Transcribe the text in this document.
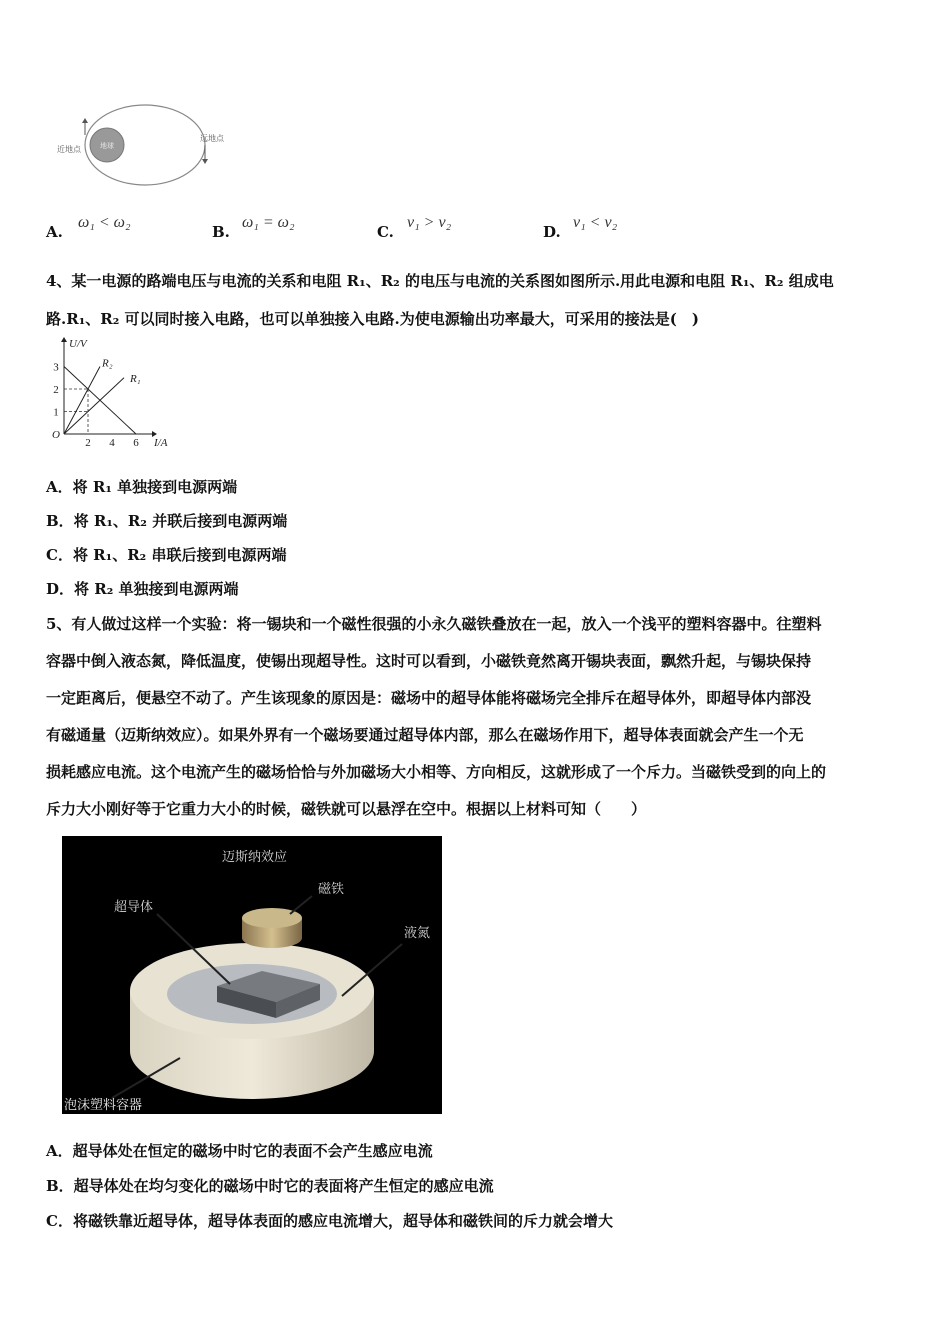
地球
近地点
远地点
A.
ω₁ < ω₂
B.
ω₁ = ω₂
C.
v₁ > v₂
D.
v₁ < v₂
4、某一电源的路端电压与电流的关系和电阻 R₁、R₂ 的电压与电流的关系图如图所示.用此电源和电阻 R₁、R₂ 组成电
路.R₁、R₂ 可以同时接入电路，也可以单独接入电路.为使电源输出功率最大，可采用的接法是(　)
R₂
R₁
2 4 6
1
2
3
O
I/A
U/V
A．将 R₁ 单独接到电源两端
B．将 R₁、R₂ 并联后接到电源两端
C．将 R₁、R₂ 串联后接到电源两端
D．将 R₂ 单独接到电源两端
5、有人做过这样一个实验：将一锡块和一个磁性很强的小永久磁铁叠放在一起，放入一个浅平的塑料容器中。往塑料
容器中倒入液态氮，降低温度，使锡出现超导性。这时可以看到，小磁铁竟然离开锡块表面，飘然升起，与锡块保持
一定距离后，便悬空不动了。产生该现象的原因是：磁场中的超导体能将磁场完全排斥在超导体外，即超导体内部没
有磁通量（迈斯纳效应）。如果外界有一个磁场要通过超导体内部，那么在磁场作用下，超导体表面就会产生一个无
损耗感应电流。这个电流产生的磁场恰恰与外加磁场大小相等、方向相反，这就形成了一个斥力。当磁铁受到的向上的
斥力大小刚好等于它重力大小的时候，磁铁就可以悬浮在空中。根据以上材料可知（　　）
迈斯纳效应
超导体
磁铁
液氮
泡沫塑料容器
A．超导体处在恒定的磁场中时它的表面不会产生感应电流
B．超导体处在均匀变化的磁场中时它的表面将产生恒定的感应电流
C．将磁铁靠近超导体，超导体表面的感应电流增大，超导体和磁铁间的斥力就会增大
